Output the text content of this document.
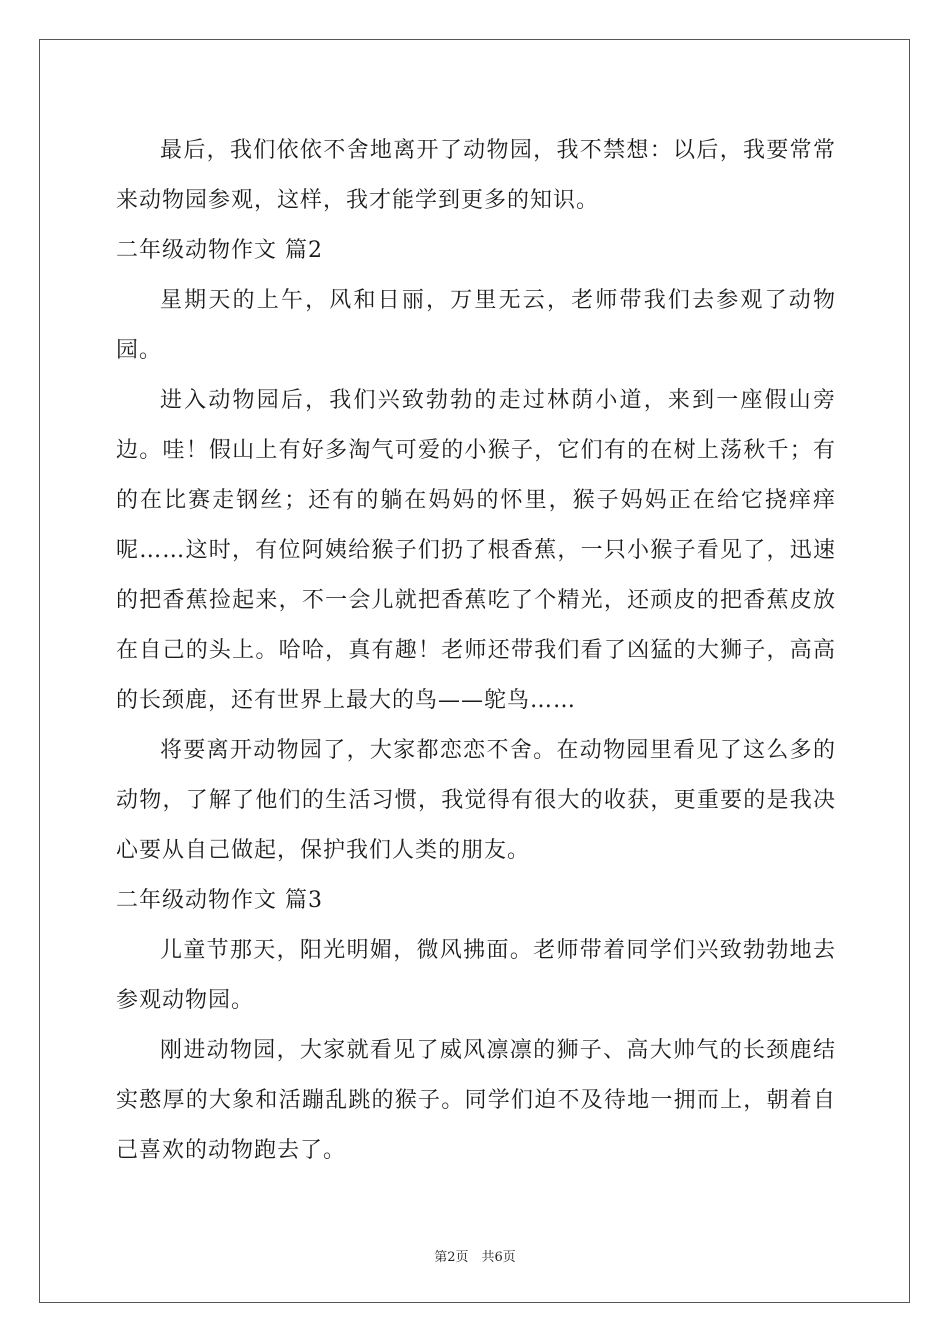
最后，我们依依不舍地离开了动物园，我不禁想：以后，我要常常来动物园参观，这样，我才能学到更多的知识。

二年级动物作文 篇2

星期天的上午，风和日丽，万里无云，老师带我们去参观了动物园。

进入动物园后，我们兴致勃勃的走过林荫小道，来到一座假山旁边。哇！假山上有好多淘气可爱的小猴子，它们有的在树上荡秋千；有的在比赛走钢丝；还有的躺在妈妈的怀里，猴子妈妈正在给它挠痒痒呢……这时，有位阿姨给猴子们扔了根香蕉，一只小猴子看见了，迅速的把香蕉捡起来，不一会儿就把香蕉吃了个精光，还顽皮的把香蕉皮放在自己的头上。哈哈，真有趣！老师还带我们看了凶猛的大狮子，高高的长颈鹿，还有世界上最大的鸟——鸵鸟……

将要离开动物园了，大家都恋恋不舍。在动物园里看见了这么多的动物，了解了他们的生活习惯，我觉得有很大的收获，更重要的是我决心要从自己做起，保护我们人类的朋友。

二年级动物作文 篇3

儿童节那天，阳光明媚，微风拂面。老师带着同学们兴致勃勃地去参观动物园。

刚进动物园，大家就看见了威风凛凛的狮子、高大帅气的长颈鹿结实憨厚的大象和活蹦乱跳的猴子。同学们迫不及待地一拥而上，朝着自己喜欢的动物跑去了。

第2页　共6页
